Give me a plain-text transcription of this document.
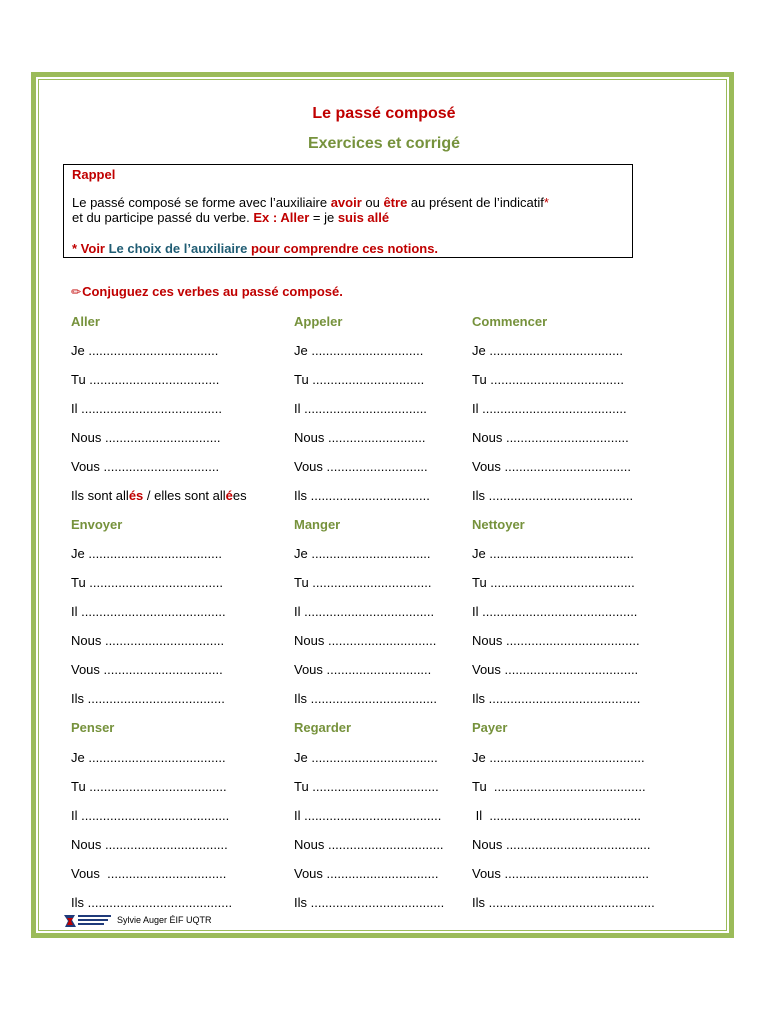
Le passé composé
Exercices et corrigé
Rappel
Le passé composé se forme avec l’auxiliaire avoir ou être au présent de l’indicatif*
et du participe passé du verbe. Ex : Aller = je suis allé
* Voir Le choix de l’auxiliaire pour comprendre ces notions.
✏︎Conjuguez ces verbes au passé composé.
Aller
Je ....................................
Tu ....................................
Il .......................................
Nous ................................
Vous ................................
Ils sont allés / elles sont allées
Appeler
Je ...............................
Tu ...............................
Il ..................................
Nous ...........................
Vous ............................
Ils .................................
Commencer
Je .....................................
Tu .....................................
Il ........................................
Nous ..................................
Vous ...................................
Ils ........................................
Envoyer
Je .....................................
Tu .....................................
Il ........................................
Nous .................................
Vous .................................
Ils ......................................
Manger
Je .................................
Tu .................................
Il ....................................
Nous ..............................
Vous .............................
Ils ...................................
Nettoyer
Je ........................................
Tu ........................................
Il ...........................................
Nous .....................................
Vous .....................................
Ils ..........................................
Penser
Je ......................................
Tu ......................................
Il .........................................
Nous ..................................
Vous  .................................
Ils ........................................
Regarder
Je ...................................
Tu ...................................
Il ......................................
Nous ................................
Vous ...............................
Ils .....................................
Payer
Je ...........................................
Tu  ..........................................
Il  ..........................................
Nous ........................................
Vous ........................................
Ils ..............................................
Sylvie Auger ÉIF UQTR
